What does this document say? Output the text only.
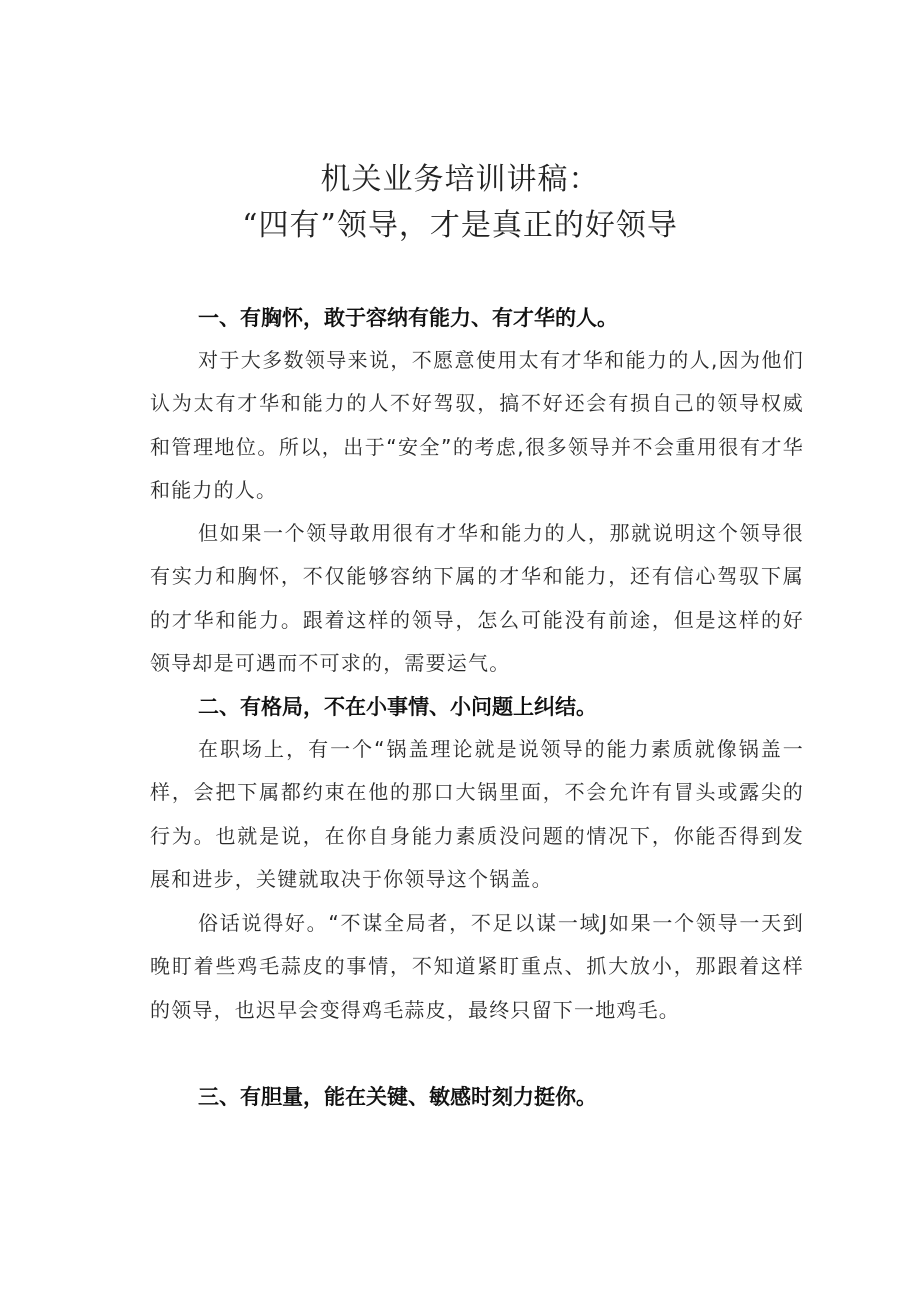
机关业务培训讲稿：
“四有”领导，才是真正的好领导
一、有胸怀，敢于容纳有能力、有才华的人。

对于大多数领导来说，不愿意使用太有才华和能力的人,因为他们认为太有才华和能力的人不好驾驭，搞不好还会有损自己的领导权威和管理地位。所以，出于“安全”的考虑,很多领导并不会重用很有才华和能力的人。

但如果一个领导敢用很有才华和能力的人，那就说明这个领导很有实力和胸怀，不仅能够容纳下属的才华和能力，还有信心驾驭下属的才华和能力。跟着这样的领导，怎么可能没有前途，但是这样的好领导却是可遇而不可求的，需要运气。

二、有格局，不在小事情、小问题上纠结。

在职场上，有一个“锅盖理论就是说领导的能力素质就像锅盖一样，会把下属都约束在他的那口大锅里面，不会允许有冒头或露尖的行为。也就是说，在你自身能力素质没问题的情况下，你能否得到发展和进步，关键就取决于你领导这个锅盖。

俗话说得好。“不谋全局者，不足以谋一域J如果一个领导一天到晚盯着些鸡毛蒜皮的事情，不知道紧盯重点、抓大放小，那跟着这样的领导，也迟早会变得鸡毛蒜皮，最终只留下一地鸡毛。

三、有胆量，能在关键、敏感时刻力挺你。
